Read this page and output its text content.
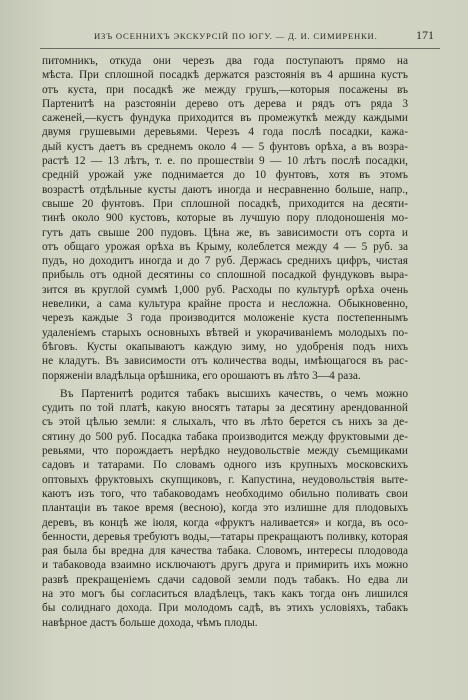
ИЗЪ ОСЕННИХЪ ЭКСКУРСІЙ ПО ЮГУ. — Д. И. СИМИРЕНКИ.	171
питомникъ, откуда они черезъ два года поступаютъ прямо на
мѣста. При сплошной посадкѣ держатся разстоянія въ 4 аршина кустъ
отъ куста, при посадкѣ же между грушъ,—которыя посажены въ
Партенитѣ на разстояніи дерево отъ дерева и рядъ отъ ряда 3
саженей,—кустъ фундука приходится въ промежуткѣ между каждыми
двумя грушевыми деревьями. Черезъ 4 года послѣ посадки, кажа-
дый кустъ даетъ въ среднемъ около 4 — 5 фунтовъ орѣха, а въ возра-
растѣ 12 — 13 лѣтъ, т. е. по прошествіи 9 — 10 лѣтъ послѣ посадки,
средній урожай уже поднимается до 10 фунтовъ, хотя въ этомъ
возрастѣ отдѣльные кусты даютъ иногда и несравненно больше, напр.,
свыше 20 фунтовъ. При сплошной посадкѣ, приходится на десяти-
тинѣ около 900 кустовъ, которые въ лучшую пору плодоношенія мо-
гутъ дать свыше 200 пудовъ. Цѣна же, въ зависимости отъ сорта и
отъ общаго урожая орѣха въ Крыму, колеблется между 4 — 5 руб. за
пудъ, но доходитъ иногда и до 7 руб. Держась среднихъ цифръ, чистая
прибыль отъ одной десятины со сплошной посадкой фундуковъ выра-
зится въ круглой суммѣ 1,000 руб. Расходы по культурѣ орѣха очень
невелики, а сама культура крайне проста и несложна. Обыкновенно,
черезъ каждые 3 года производится моложеніе куста постепеннымъ
удаленіемъ старыхъ основныхъ вѣтвей и укорачиваніемъ молодыхъ по-
бѣговъ. Кусты окапываютъ каждую зиму, но удобренія подъ нихъ
не кладутъ. Въ зависимости отъ количества воды, имѣющагося въ рас-
поряженіи владѣльца орѣшника, его орошаютъ въ лѣто 3—4 раза.
Въ Партенитѣ родится табакъ высшихъ качествъ, о чемъ можно
судить по той платѣ, какую вносятъ татары за десятину арендованной
съ этой цѣлью земли: я слыхалъ, что въ лѣто берется съ нихъ за де-
сятину до 500 руб. Посадка табака производится между фруктовыми де-
ревьями, что порождаетъ нерѣдко неудовольствіе между съемщиками
садовъ и татарами. По словамъ одного изъ крупныхъ московскихъ
оптовыхъ фруктовыхъ скупщиковъ, г. Капустина, неудовольствія выте-
каютъ изъ того, что табаководамъ необходимо обильно поливать свои
плантаціи въ такое время (весною), когда это излишне для плодовыхъ
деревъ, въ концѣ же іюля, когда «фруктъ наливается» и когда, въ осо-
бенности, деревья требуютъ воды,—татары прекращаютъ поливку, которая
рая была бы вредна для качества табака. Словомъ, интересы плодовода
и табаковода взаимно исключаютъ другъ друга и примирить ихъ можно
развѣ прекращеніемъ сдачи садовой земли подъ табакъ. Но едва ли
на это могъ бы согласиться владѣлецъ, такъ какъ тогда онъ лишился
бы солиднаго дохода. При молодомъ садѣ, въ этихъ условіяхъ, табакъ
навѣрное дастъ больше дохода, чѣмъ плоды.
